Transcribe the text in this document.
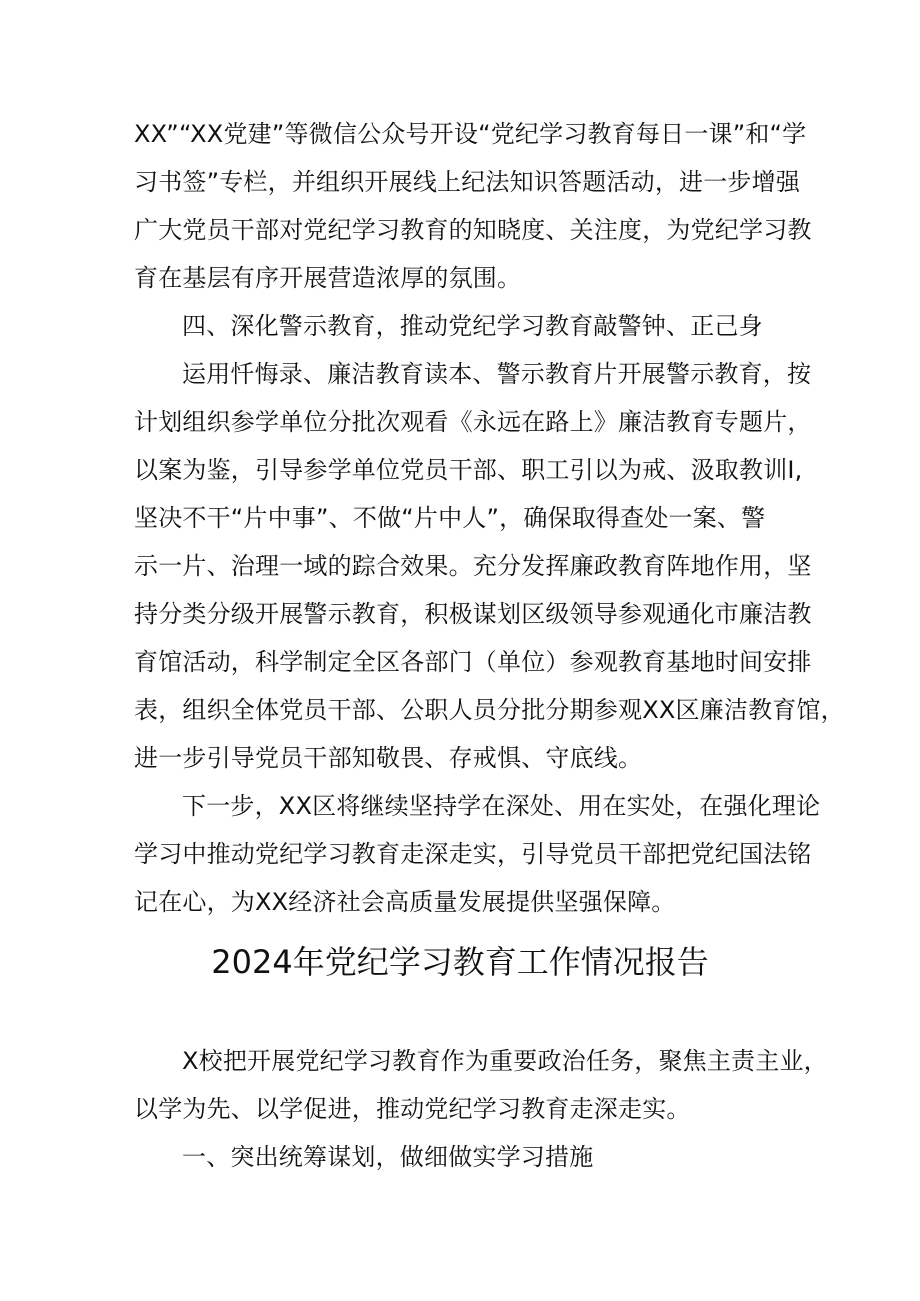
XX”“XX党建”等微信公众号开设“党纪学习教育每日一课”和“学
习书签”专栏，并组织开展线上纪法知识答题活动，进一步增强
广大党员干部对党纪学习教育的知晓度、关注度，为党纪学习教
育在基层有序开展营造浓厚的氛围。
四、深化警示教育，推动党纪学习教育敲警钟、正己身
运用忏悔录、廉洁教育读本、警示教育片开展警示教育，按
计划组织参学单位分批次观看《永远在路上》廉洁教育专题片，
以案为鉴，引导参学单位党员干部、职工引以为戒、汲取教训I,
坚决不干“片中事”、不做“片中人”，确保取得查处一案、警
示一片、治理一域的踪合效果。充分发挥廉政教育阵地作用，坚
持分类分级开展警示教育，积极谋划区级领导参观通化市廉洁教
育馆活动，科学制定全区各部门（单位）参观教育基地时间安排
表，组织全体党员干部、公职人员分批分期参观XX区廉洁教育馆，
进一步引导党员干部知敬畏、存戒惧、守底线。
下一步，XX区将继续坚持学在深处、用在实处，在强化理论
学习中推动党纪学习教育走深走实，引导党员干部把党纪国法铭
记在心，为XX经济社会高质量发展提供坚强保障。
2024年党纪学习教育工作情况报告
X校把开展党纪学习教育作为重要政治任务，聚焦主责主业，
以学为先、以学促进，推动党纪学习教育走深走实。
一、突出统筹谋划，做细做实学习措施
